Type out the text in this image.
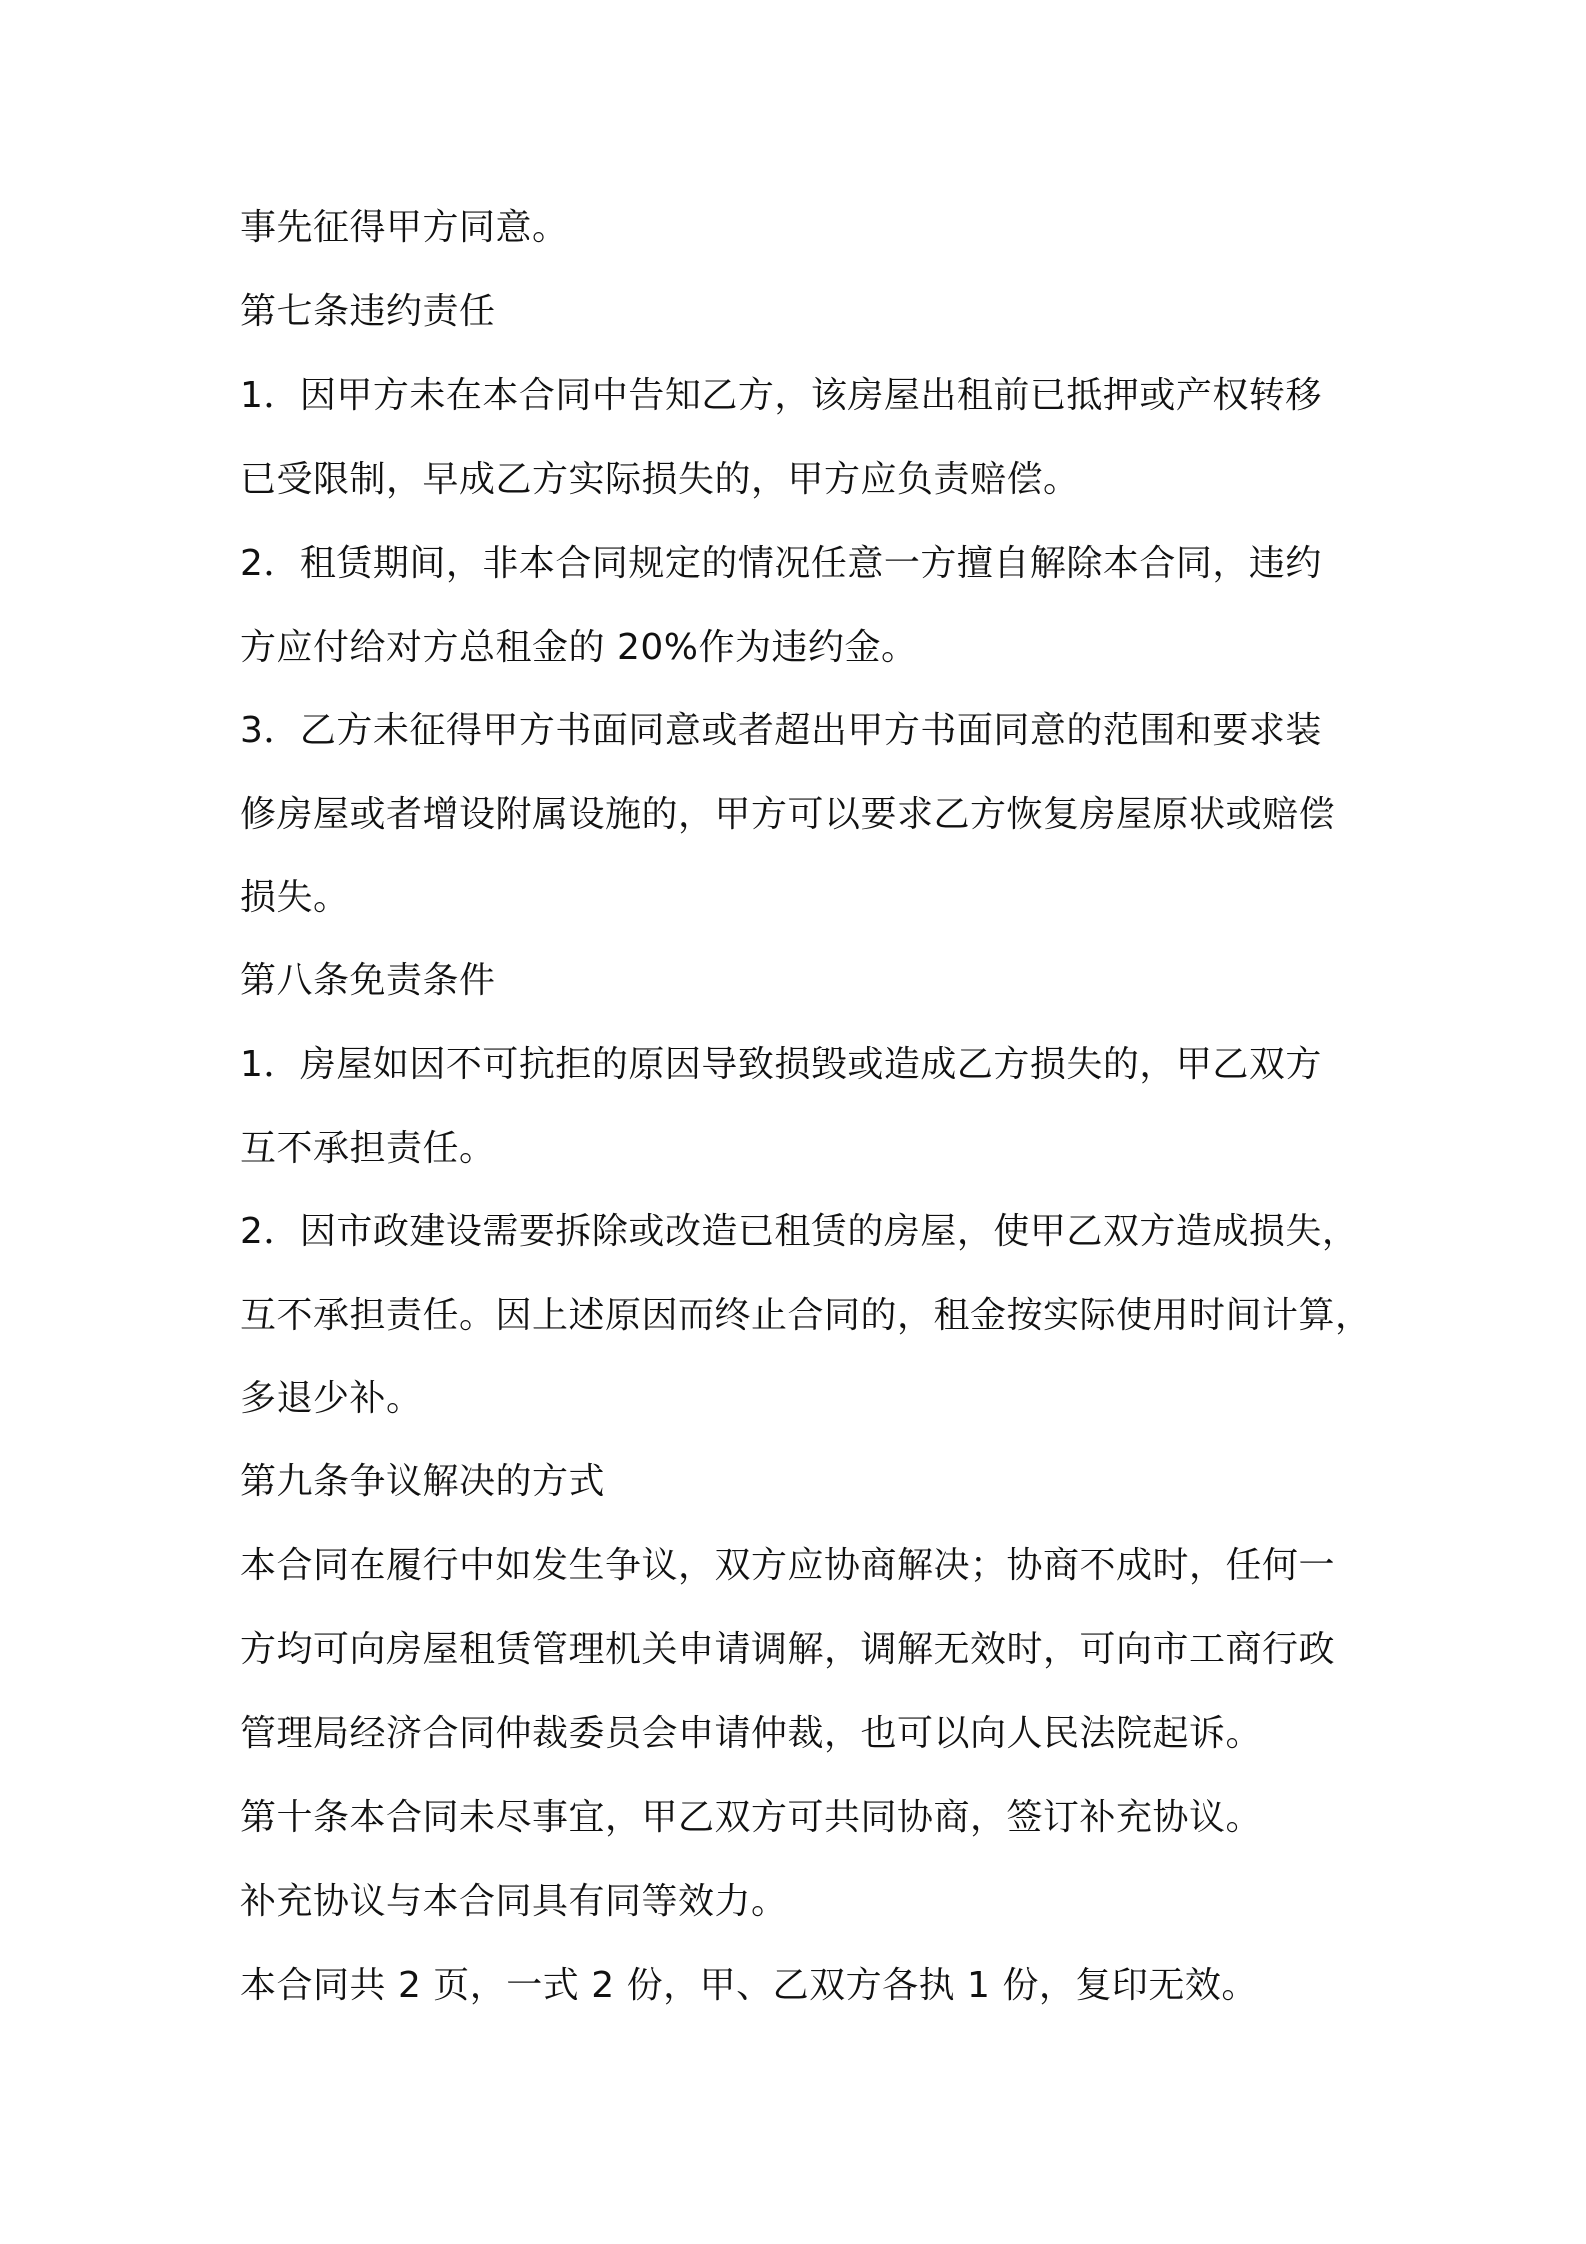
事先征得甲方同意。

第七条违约责任

1．因甲方未在本合同中告知乙方，该房屋出租前已抵押或产权转移

已受限制，早成乙方实际损失的，甲方应负责赔偿。

2．租赁期间，非本合同规定的情况任意一方擅自解除本合同，违约

方应付给对方总租金的 20%作为违约金。

3．乙方未征得甲方书面同意或者超出甲方书面同意的范围和要求装

修房屋或者增设附属设施的，甲方可以要求乙方恢复房屋原状或赔偿

损失。

第八条免责条件

1．房屋如因不可抗拒的原因导致损毁或造成乙方损失的，甲乙双方

互不承担责任。

2．因市政建设需要拆除或改造已租赁的房屋，使甲乙双方造成损失，

互不承担责任。因上述原因而终止合同的，租金按实际使用时间计算，

多退少补。

第九条争议解决的方式

本合同在履行中如发生争议，双方应协商解决；协商不成时，任何一

方均可向房屋租赁管理机关申请调解，调解无效时，可向市工商行政

管理局经济合同仲裁委员会申请仲裁，也可以向人民法院起诉。

第十条本合同未尽事宜，甲乙双方可共同协商，签订补充协议。

补充协议与本合同具有同等效力。

本合同共 2 页，一式 2 份，甲、乙双方各执 1 份，复印无效。
